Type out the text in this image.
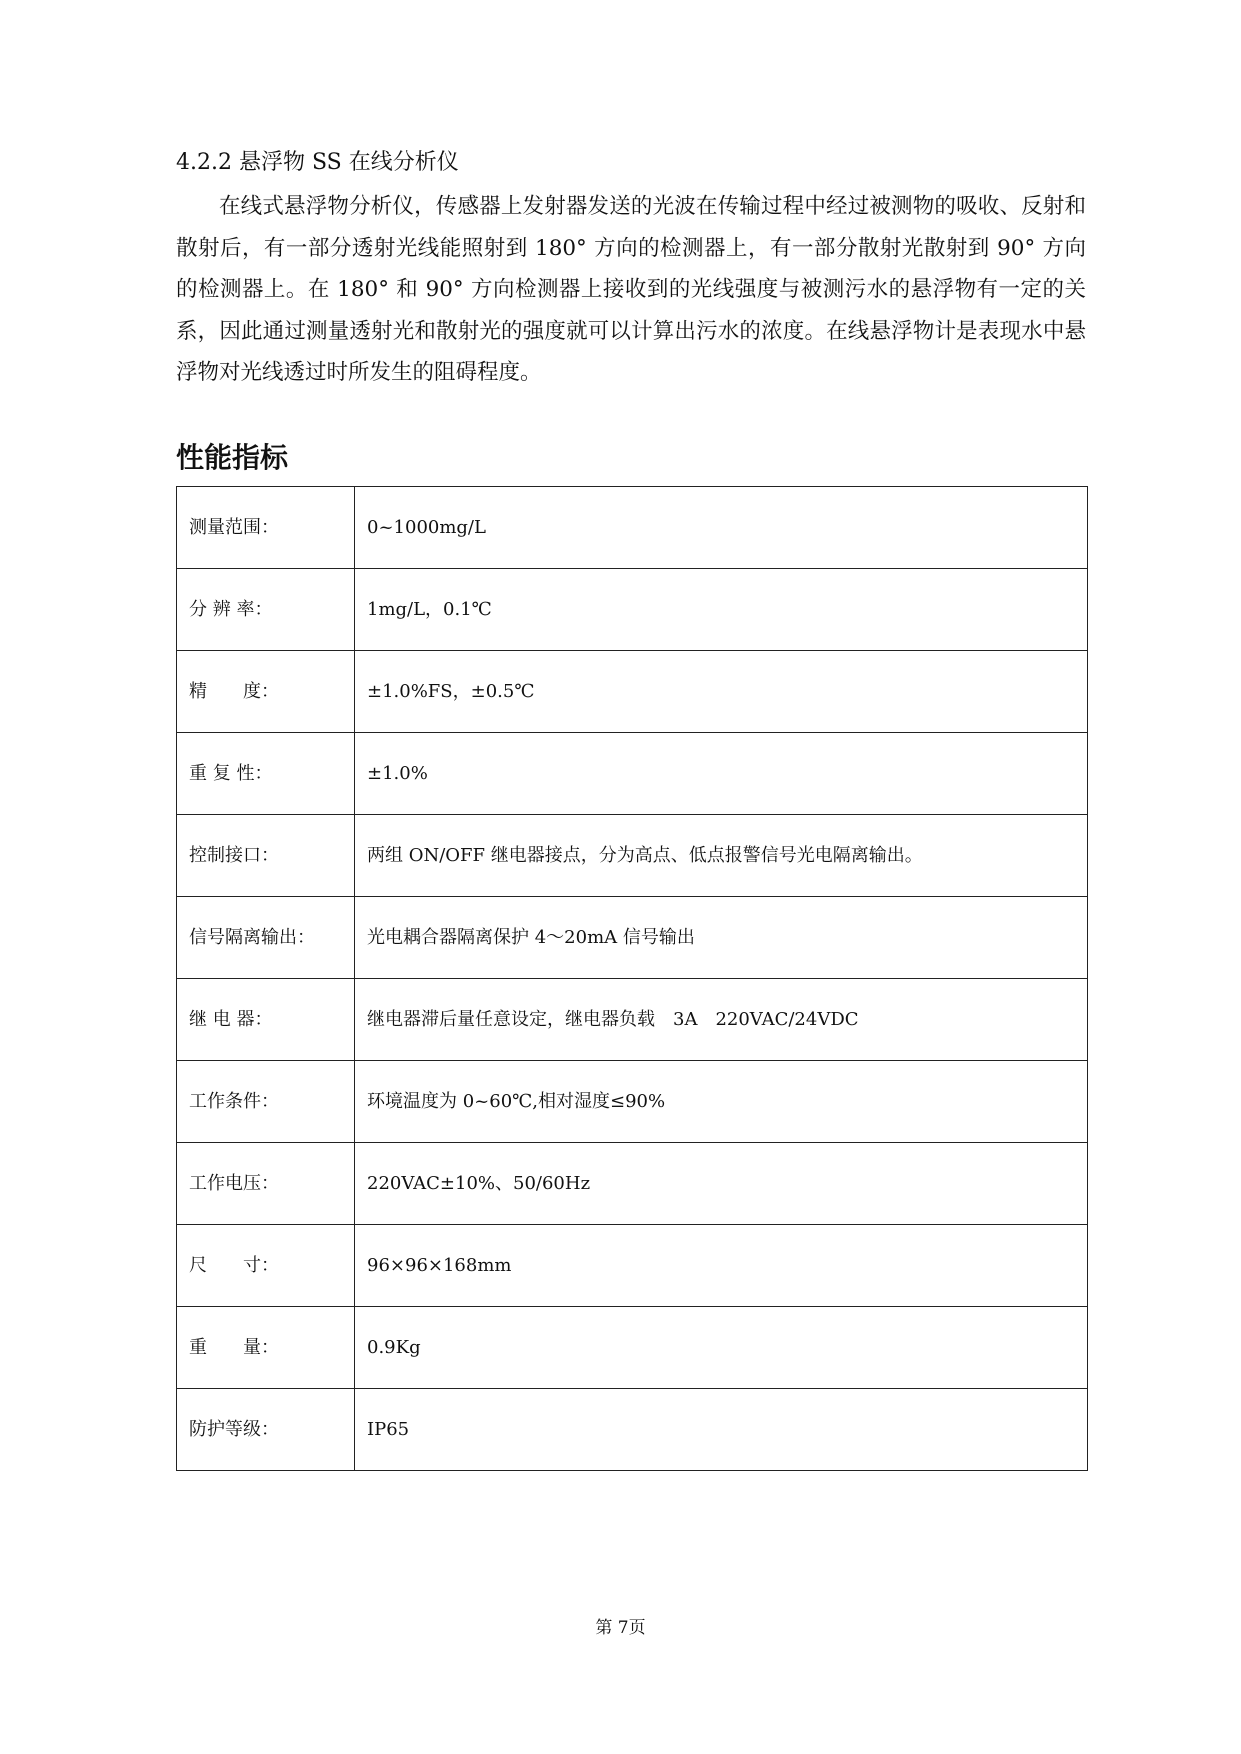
4.2.2 悬浮物 SS 在线分析仪
在线式悬浮物分析仪，传感器上发射器发送的光波在传输过程中经过被测物的吸收、反射和散射后，有一部分透射光线能照射到 180° 方向的检测器上，有一部分散射光散射到 90° 方向的检测器上。在 180° 和 90° 方向检测器上接收到的光线强度与被测污水的悬浮物有一定的关系，因此通过测量透射光和散射光的强度就可以计算出污水的浓度。在线悬浮物计是表现水中悬浮物对光线透过时所发生的阻碍程度。
性能指标
测量范围：	0~1000mg/L
分 辨 率：	1mg/L，0.1℃
精　　度：	±1.0%FS，±0.5℃
重 复 性：	±1.0%
控制接口：	两组 ON/OFF 继电器接点，分为高点、低点报警信号光电隔离输出。
信号隔离输出：	光电耦合器隔离保护 4～20mA 信号输出
继 电 器：	继电器滞后量任意设定，继电器负载　3A　220VAC/24VDC
工作条件：	环境温度为 0~60℃,相对湿度≤90%
工作电压：	220VAC±10%、50/60Hz
尺　　寸：	96×96×168mm
重　　量：	0.9Kg
防护等级：	IP65
第 7页
